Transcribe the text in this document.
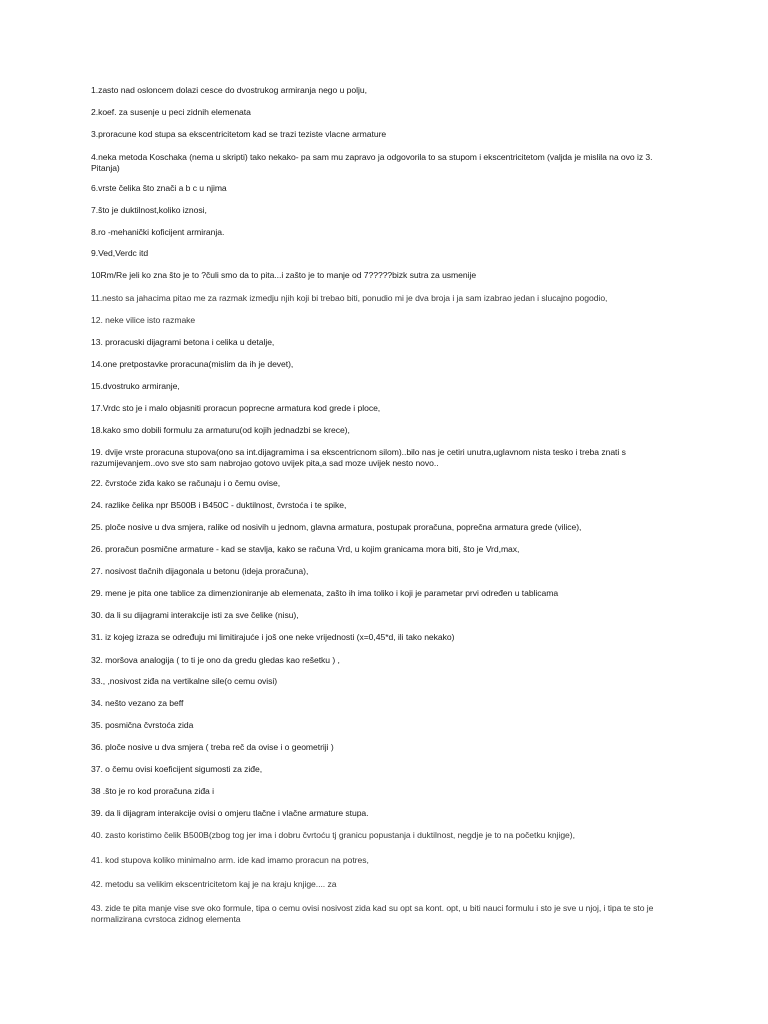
1.zasto nad osloncem dolazi cesce do dvostrukog armiranja nego u polju,
2.koef. za susenje u peci zidnih elemenata
3.proracune kod stupa sa ekscentricitetom kad se trazi teziste vlacne armature
4.neka metoda Koschaka (nema u skripti) tako nekako- pa sam mu zapravo ja odgovorila to sa stupom i ekscentricitetom (valjda je mislila na ovo iz 3. Pitanja)
6.vrste čelika što znači a b c u njima
7.što je duktilnost,koliko iznosi,
8.ro -mehanički koficijent armiranja.
9.Ved,Verdc itd
10Rm/Re jeli ko zna što je to ?čuli smo da to pita...i zašto je to manje od 7?????bizk sutra za usmenije
11.nesto sa jahacima pitao me za razmak izmedju njih koji bi trebao biti, ponudio mi je dva broja i ja sam izabrao jedan i slucajno pogodio,
12. neke vilice isto razmake
13. proracuski dijagrami betona i celika u detalje,
14.one pretpostavke proracuna(mislim da ih je devet),
15.dvostruko armiranje,
17.Vrdc sto je i malo objasniti proracun poprecne armatura kod grede i ploce,
18.kako smo dobili formulu za armaturu(od kojih jednadzbi se krece),
19. dvije vrste proracuna stupova(ono sa int.dijagramima i sa ekscentricnom silom)..bilo nas je cetiri unutra,uglavnom nista tesko i treba znati s razumijevanjem..ovo sve sto sam nabrojao gotovo uvijek pita,a sad moze uvijek nesto novo..
22. čvrstoće ziđa kako se računaju i o čemu ovise,
24. razlike čelika npr B500B i B450C - duktilnost, čvrstoća i te spike,
25. ploče nosive u dva smjera, ralike od nosivih u jednom, glavna armatura, postupak proračuna, poprečna armatura grede (vilice),
26. proračun posmične armature - kad se stavlja, kako se računa Vrd, u kojim granicama mora biti, što je Vrd,max,
27. nosivost tlačnih dijagonala u betonu (ideja proračuna),
29. mene je pita one tablice za dimenzioniranje ab elemenata, zašto ih ima toliko i koji je parametar prvi određen u tablicama
30. da li su dijagrami interakcije isti za sve čelike (nisu),
31. iz kojeg izraza se određuju mi limitirajuće i još one neke vrijednosti (x=0,45*d, ili tako nekako)
32. moršova analogija ( to ti je ono da gredu gledas kao rešetku ) ,
33., ,nosivost ziđa na vertikalne sile(o cemu ovisi)
34. nešto vezano za beff
35. posmična čvrstoća zida
36. ploče nosive u dva smjera ( treba reč da ovise i o geometriji )
37. o čemu ovisi koeficijent sigumosti za ziđe,
38 .što je ro kod proračuna ziđa i
39. da li dijagram interakcije ovisi o omjeru tlačne i vlačne armature stupa.
40. zasto koristimo čelik B500B(zbog tog jer ima i dobru čvrtoću tj granicu popustanja i duktilnost, negdje je to na početku knjige),
41. kod stupova koliko minimalno arm. ide kad imamo proracun na potres,
42. metodu sa velikim ekscentricitetom kaj je na kraju knjige.... za
43. zide te pita manje vise sve oko formule, tipa o cemu ovisi nosivost zida kad su opt sa kont. opt, u biti nauci formulu i sto je sve u njoj, i tipa te sto je normalizirana cvrstoca zidnog elementa
